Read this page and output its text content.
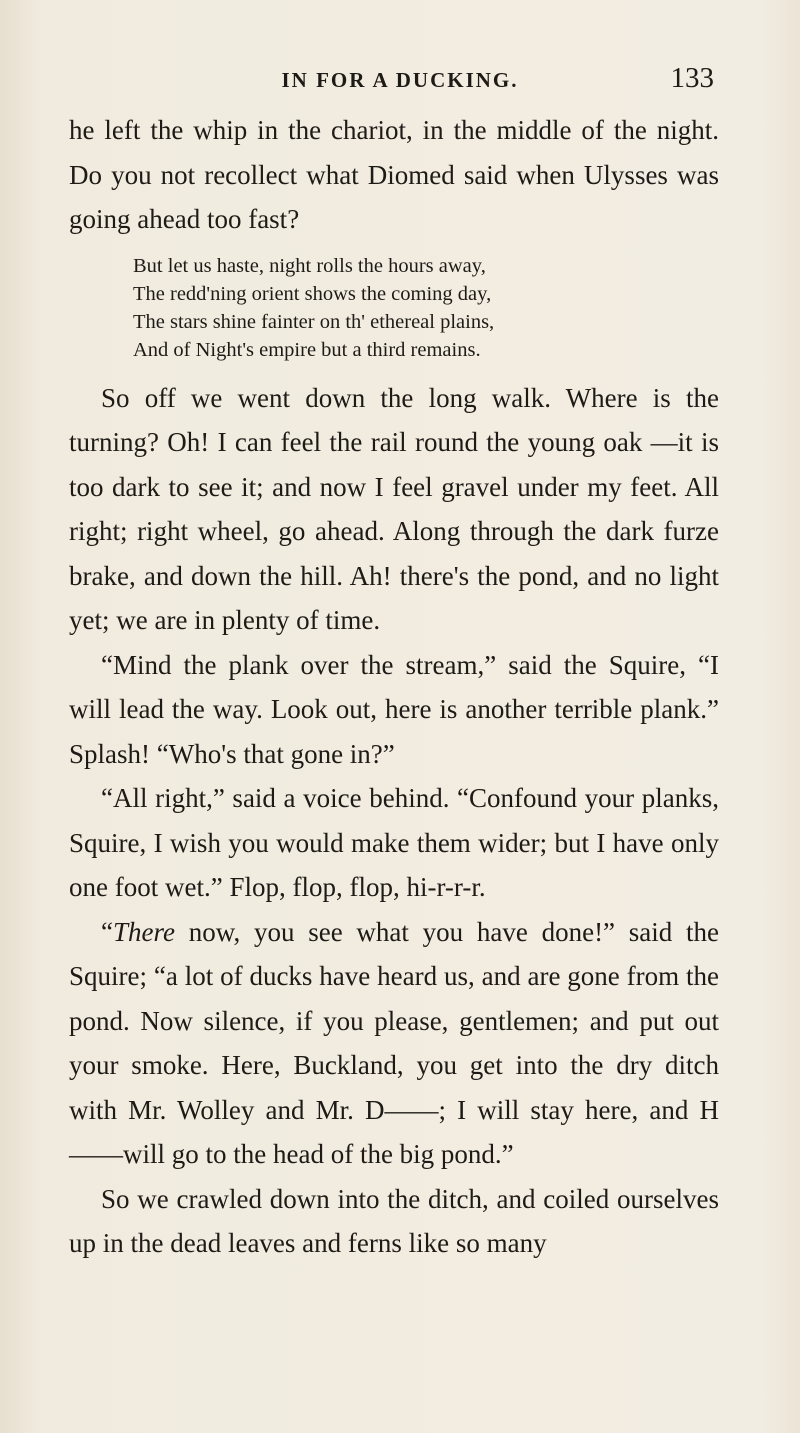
IN FOR A DUCKING.	133

he left the whip in the chariot, in the middle of the night. Do you not recollect what Diomed said when Ulysses was going ahead too fast?

But let us haste, night rolls the hours away,
The redd'ning orient shows the coming day,
The stars shine fainter on th' ethereal plains,
And of Night's empire but a third remains.

So off we went down the long walk. Where is the turning? Oh! I can feel the rail round the young oak —it is too dark to see it; and now I feel gravel under my feet. All right; right wheel, go ahead. Along through the dark furze brake, and down the hill. Ah! there's the pond, and no light yet; we are in plenty of time.

“Mind the plank over the stream,” said the Squire, “I will lead the way. Look out, here is another terrible plank.” Splash! “Who's that gone in?”

“All right,” said a voice behind. “Confound your planks, Squire, I wish you would make them wider; but I have only one foot wet.” Flop, flop, flop, hi-r-r-r.

“There now, you see what you have done!” said the Squire; “a lot of ducks have heard us, and are gone from the pond. Now silence, if you please, gentlemen; and put out your smoke. Here, Buckland, you get into the dry ditch with Mr. Wolley and Mr. D——; I will stay here, and H——will go to the head of the big pond.”

So we crawled down into the ditch, and coiled ourselves up in the dead leaves and ferns like so many
